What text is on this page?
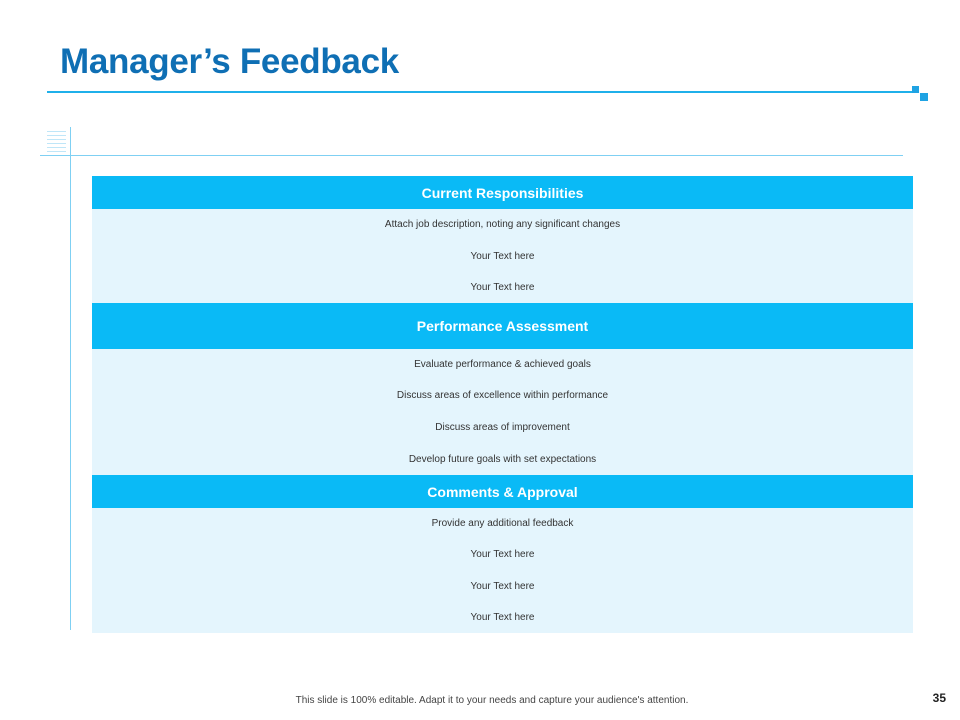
Manager’s Feedback
Current Responsibilities
Attach job description, noting any significant changes
Your Text here
Your Text here
Performance Assessment
Evaluate performance & achieved goals
Discuss areas of excellence within performance
Discuss areas of improvement
Develop future goals with set expectations
Comments & Approval
Provide any additional feedback
Your Text here
Your Text here
Your Text here
This slide is 100% editable. Adapt it to your needs and capture your audience's attention.	35
